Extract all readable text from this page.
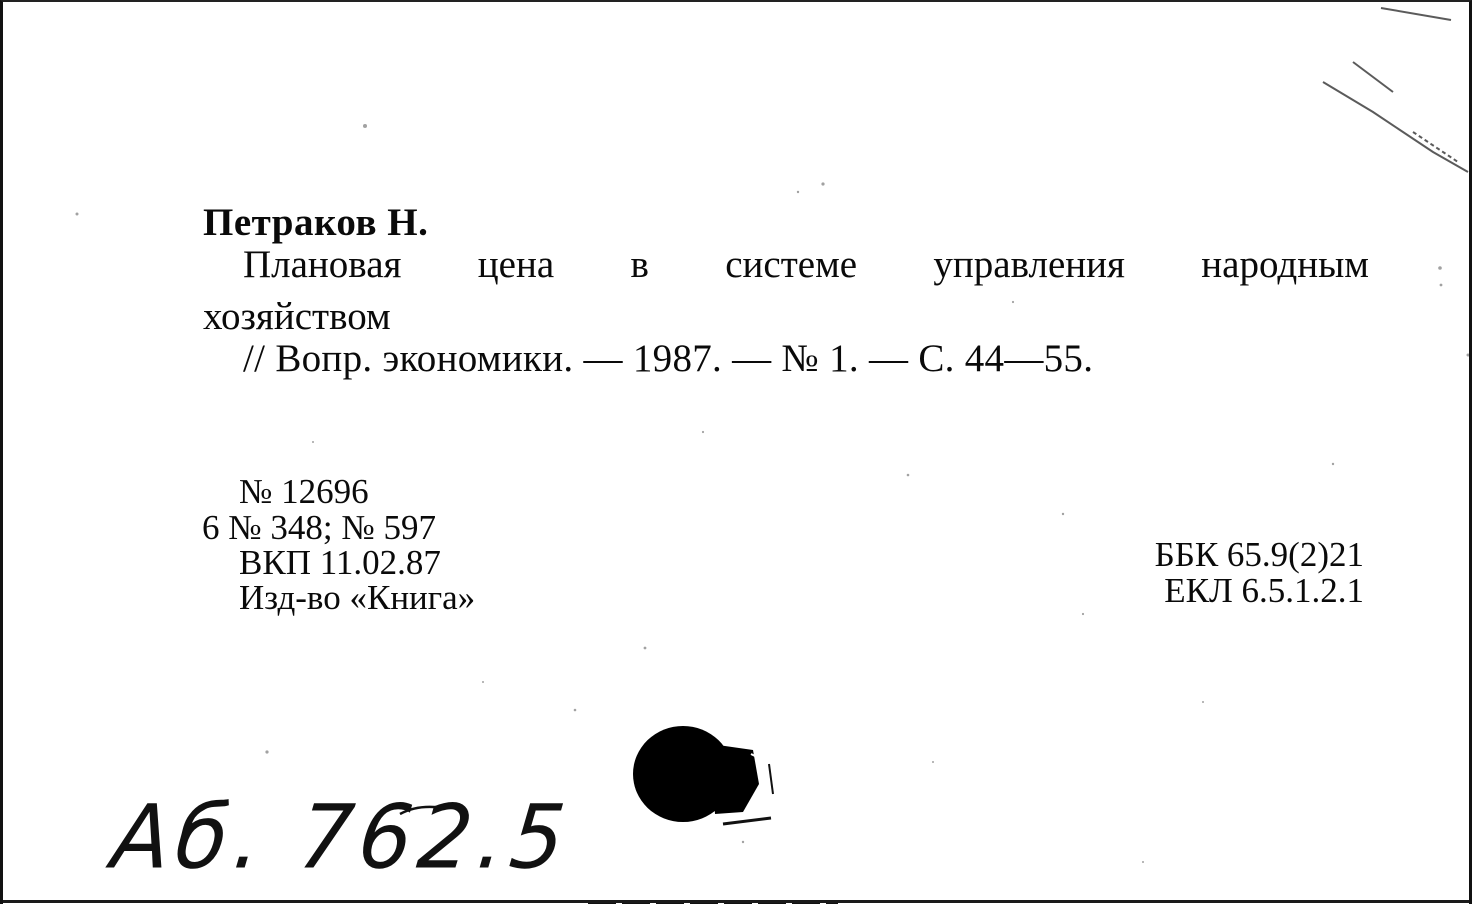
Петраков Н.

Плановая цена в системе управления народным
хозяйством
// Вопр. экономики. — 1987. — № 1. — С. 44—55.
№ 12696
6 № 348; № 597
ВКП 11.02.87
Изд-во «Книга»
ББК 65.9(2)21
ЕКЛ 6.5.1.2.1
Аб. 762.5
